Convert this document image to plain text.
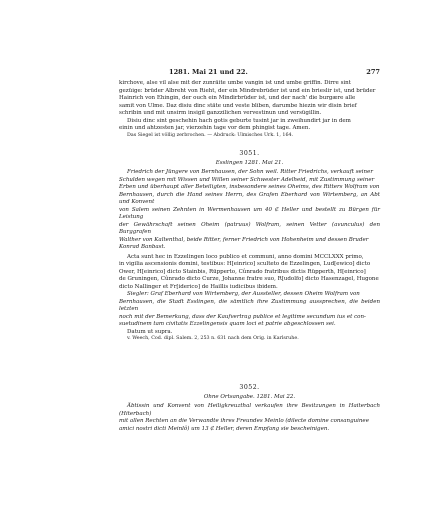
1281. Mai 21 und 22.	277

kirchove, alse vil alse mit der zunräite umbe vangin ist und umbe griffin. Dirre sint

gezüige: brüder Albreht von Rieht, der ein Mindrebrüder ist und ein brieslir ist, und brüder

Hainrich von Ehingin, der ouch ein Mindirbrüder ist, und der nach' die burgære alle

samit von Ulme. Daz disiu dinc stäte und veste bliben, darumbe hiezin wir disin brief

schribin und mit unsirm insigil ganzzilichen vervestinun und versügillin.

Disiu dinc sint geschehin hach gotis geburte tusint jar in zweihundirt jar in dem

einin und ahtzesten jar, vierzehin tage vor dem phingist tage. Amen.

Das Siegel ist völlig zerbrochen. — Abdruck: Ulmisches Urk. 1, 164.

3051.

Esslingen 1281. Mai 21.

Friedrich der Jüngere von Bernhausen, der Sohn weil. Ritter Friedrichs, verkauft seiner

Schulden wegen mit Wissen und Willen seiner Schwester Adelheid, mit Zustimmung seiner

Erben und überhaupt aller Beteiligten, insbesondere seines Oheims, des Ritters Wolfram von

Bernhausen, durch die Hand seines Herrn, des Grafen Eberhard von Wirtemberg, an Abt und Konvent

von Salem seinen Zehnten in Wermenhausen um 40 ₡ Heller und bestellt zu Bürgen für Leistung

der Gewährschaft seinen Oheim (patruus) Wolfram, seinen Vetter (avunculus) den Burggrafen

Walther von Kaltenthal, beide Ritter, ferner Friedrich von Hohenheim und dessen Bruder

Konrad Banbast.

Acta sunt hec in Ezzelingen loco publico et communi, anno domini MCCLXXX primo,

in vigilia ascensionis domini, testibus: H[einrico] sculteto de Ezzelingen, Lud[ewico] dicto

Ower, H[einrico] dicto Stainbis, Rüpperto, Cûnrado fratribus dictis Rüpperth, H[einrico]

de Gruningen, Cûnrado dicto Curze, Johanne fratre suo, R[udolfo] dicto Hasenzagel, Hugone

dicto Nallinger et Fr[iderico] de Haillis iudicibus ibidem.

Siegler: Graf Eberhard von Wirtemberg, der Aussteller, dessen Oheim Wolfram von

Bernhausen, die Stadt Esslingen, die sämtlich ihre Zustimmung aussprechen, die beiden letzten

noch mit der Bemerkung, dass der Kaufvertrag publice et legitime secundum ius et con-

suetudinem tam civitatis Ezzelingensis quam loci et patrie abgeschlossen sei.

Datum ut supra.

v. Weech, Cod. dipl. Salem. 2, 253 n. 631 nach dem Orig. in Karlsruhe.

3052.

Ohne Ortsangabe. 1281. Mai 22.

Äbtissin und Konvent von Heiligkreuzthal verkaufen ihre Besitzungen in Haiterbach (Hiterbach)

mit allen Rechten an die Verwandte ihres Freundes Meinlo (dilecte domine consanguinee

amici nostri dicti Meinlô) um 13 ₡ Heller, deren Empfang sie bescheinigen.
